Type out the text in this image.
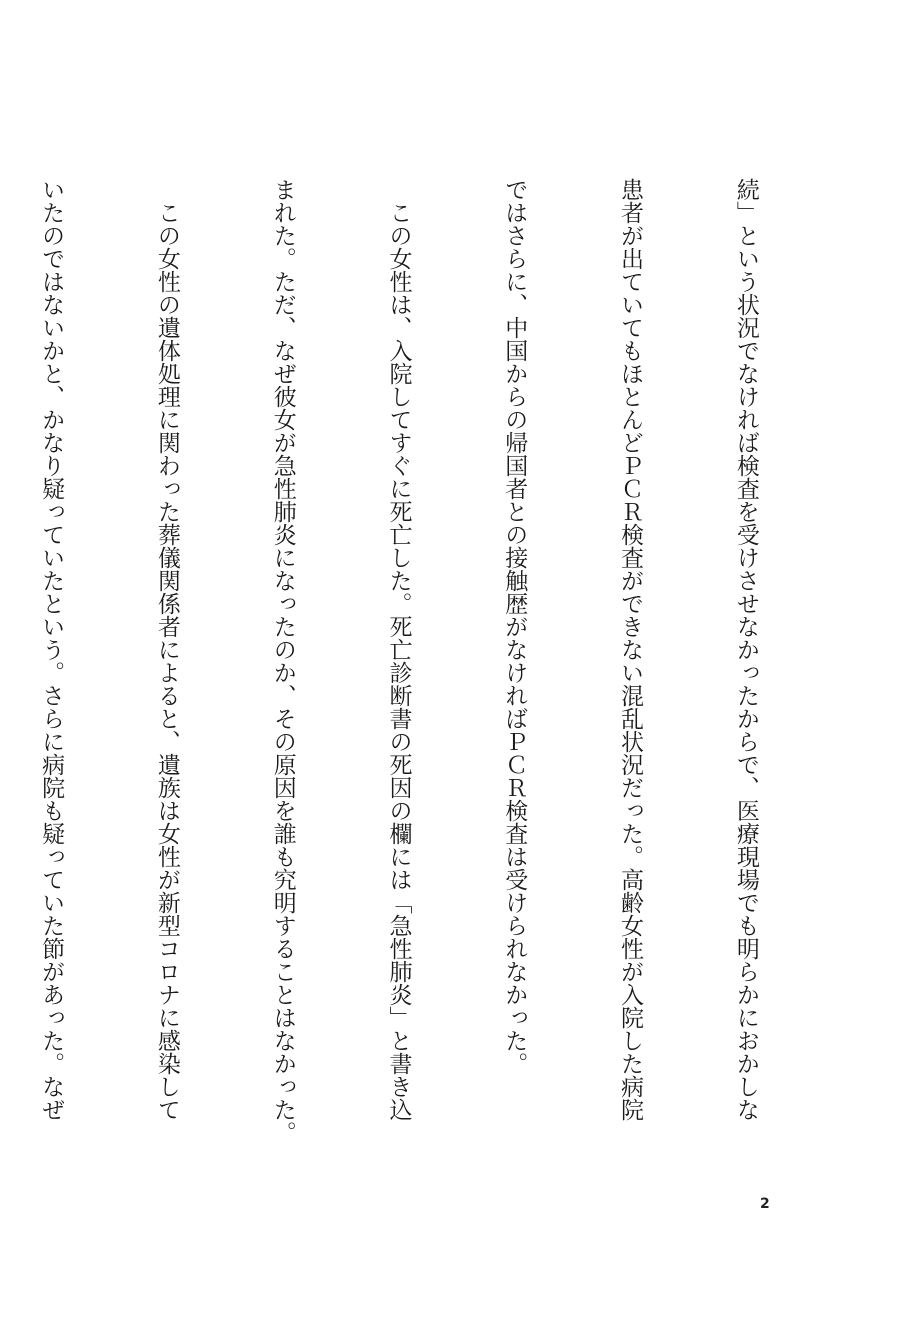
続」という状況でなければ検査を受けさせなかったからで、医療現場でも明らかにおかしな

患者が出ていてもほとんどＰＣＲ検査ができない混乱状況だった。高齢女性が入院した病院

ではさらに、中国からの帰国者との接触歴がなければＰＣＲ検査は受けられなかった。

　この女性は、入院してすぐに死亡した。死亡診断書の死因の欄には「急性肺炎」と書き込

まれた。ただ、なぜ彼女が急性肺炎になったのか、その原因を誰も究明することはなかった。

　この女性の遺体処理に関わった葬儀関係者によると、遺族は女性が新型コロナに感染して

いたのではないかと、かなり疑っていたという。さらに病院も疑っていた節があった。なぜ

2
